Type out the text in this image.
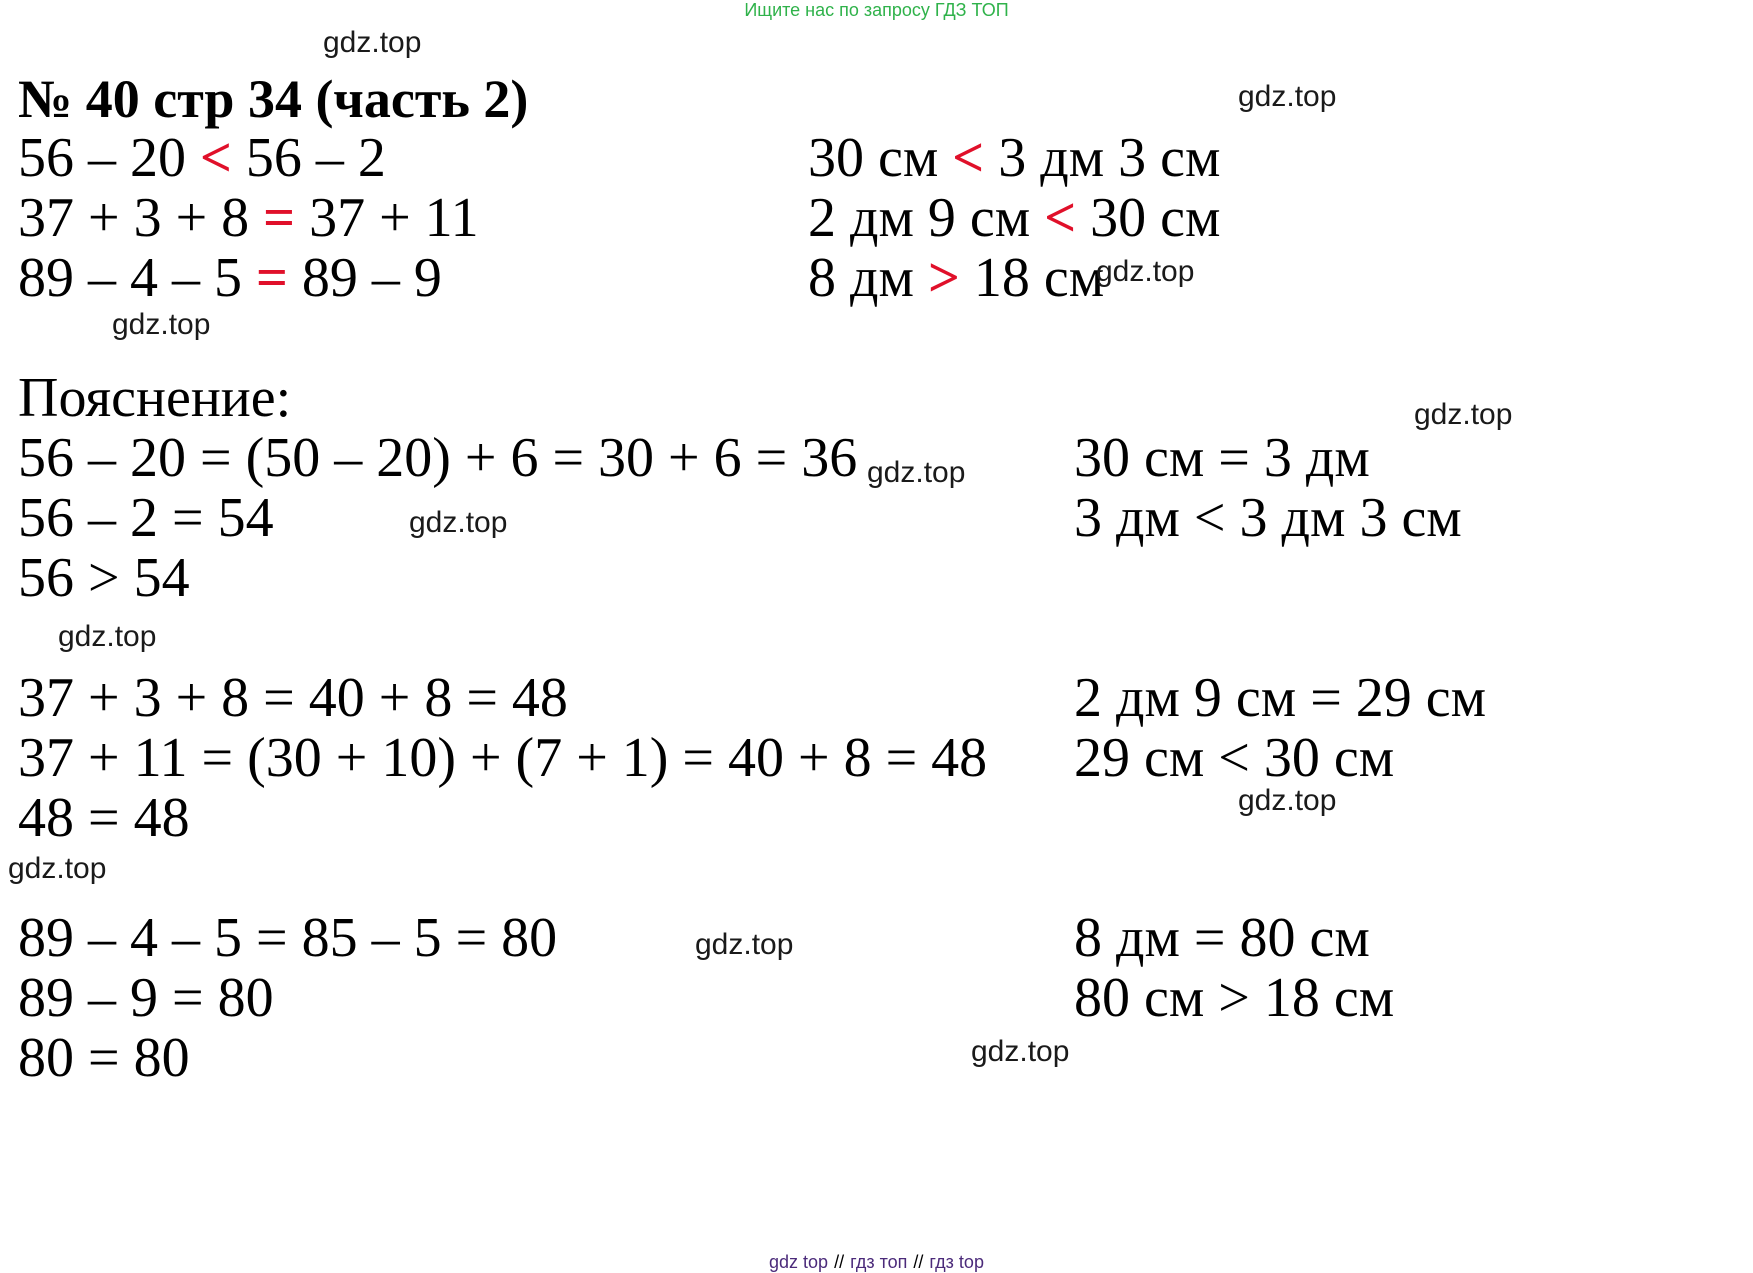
Ищите нас по запросу ГДЗ ТОП
№ 40 стр 34 (часть 2)
56 – 20 < 56 – 2
37 + 3 + 8 = 37 + 11
89 – 4 – 5 = 89 – 9
30 см < 3 дм 3 см
2 дм 9 см < 30 см
8 дм > 18 см
Пояснение:
56 – 20 = (50 – 20) + 6 = 30 + 6 = 36
56 – 2 = 54
56 > 54
37 + 3 + 8 = 40 + 8 = 48
37 + 11 = (30 + 10) + (7 + 1) = 40 + 8 = 48
48 = 48
89 – 4 – 5 = 85 – 5 = 80
89 – 9 = 80
80 = 80
30 см = 3 дм
3 дм < 3 дм 3 см
2 дм 9 см = 29 см
29 см < 30 см
8 дм = 80 см
80 см > 18 см
gdz.top
gdz.top
gdz.top
gdz.top
gdz.top
gdz.top
gdz.top
gdz.top
gdz.top
gdz.top
gdz.top
gdz.top
gdz top // гдз топ // гдз top
